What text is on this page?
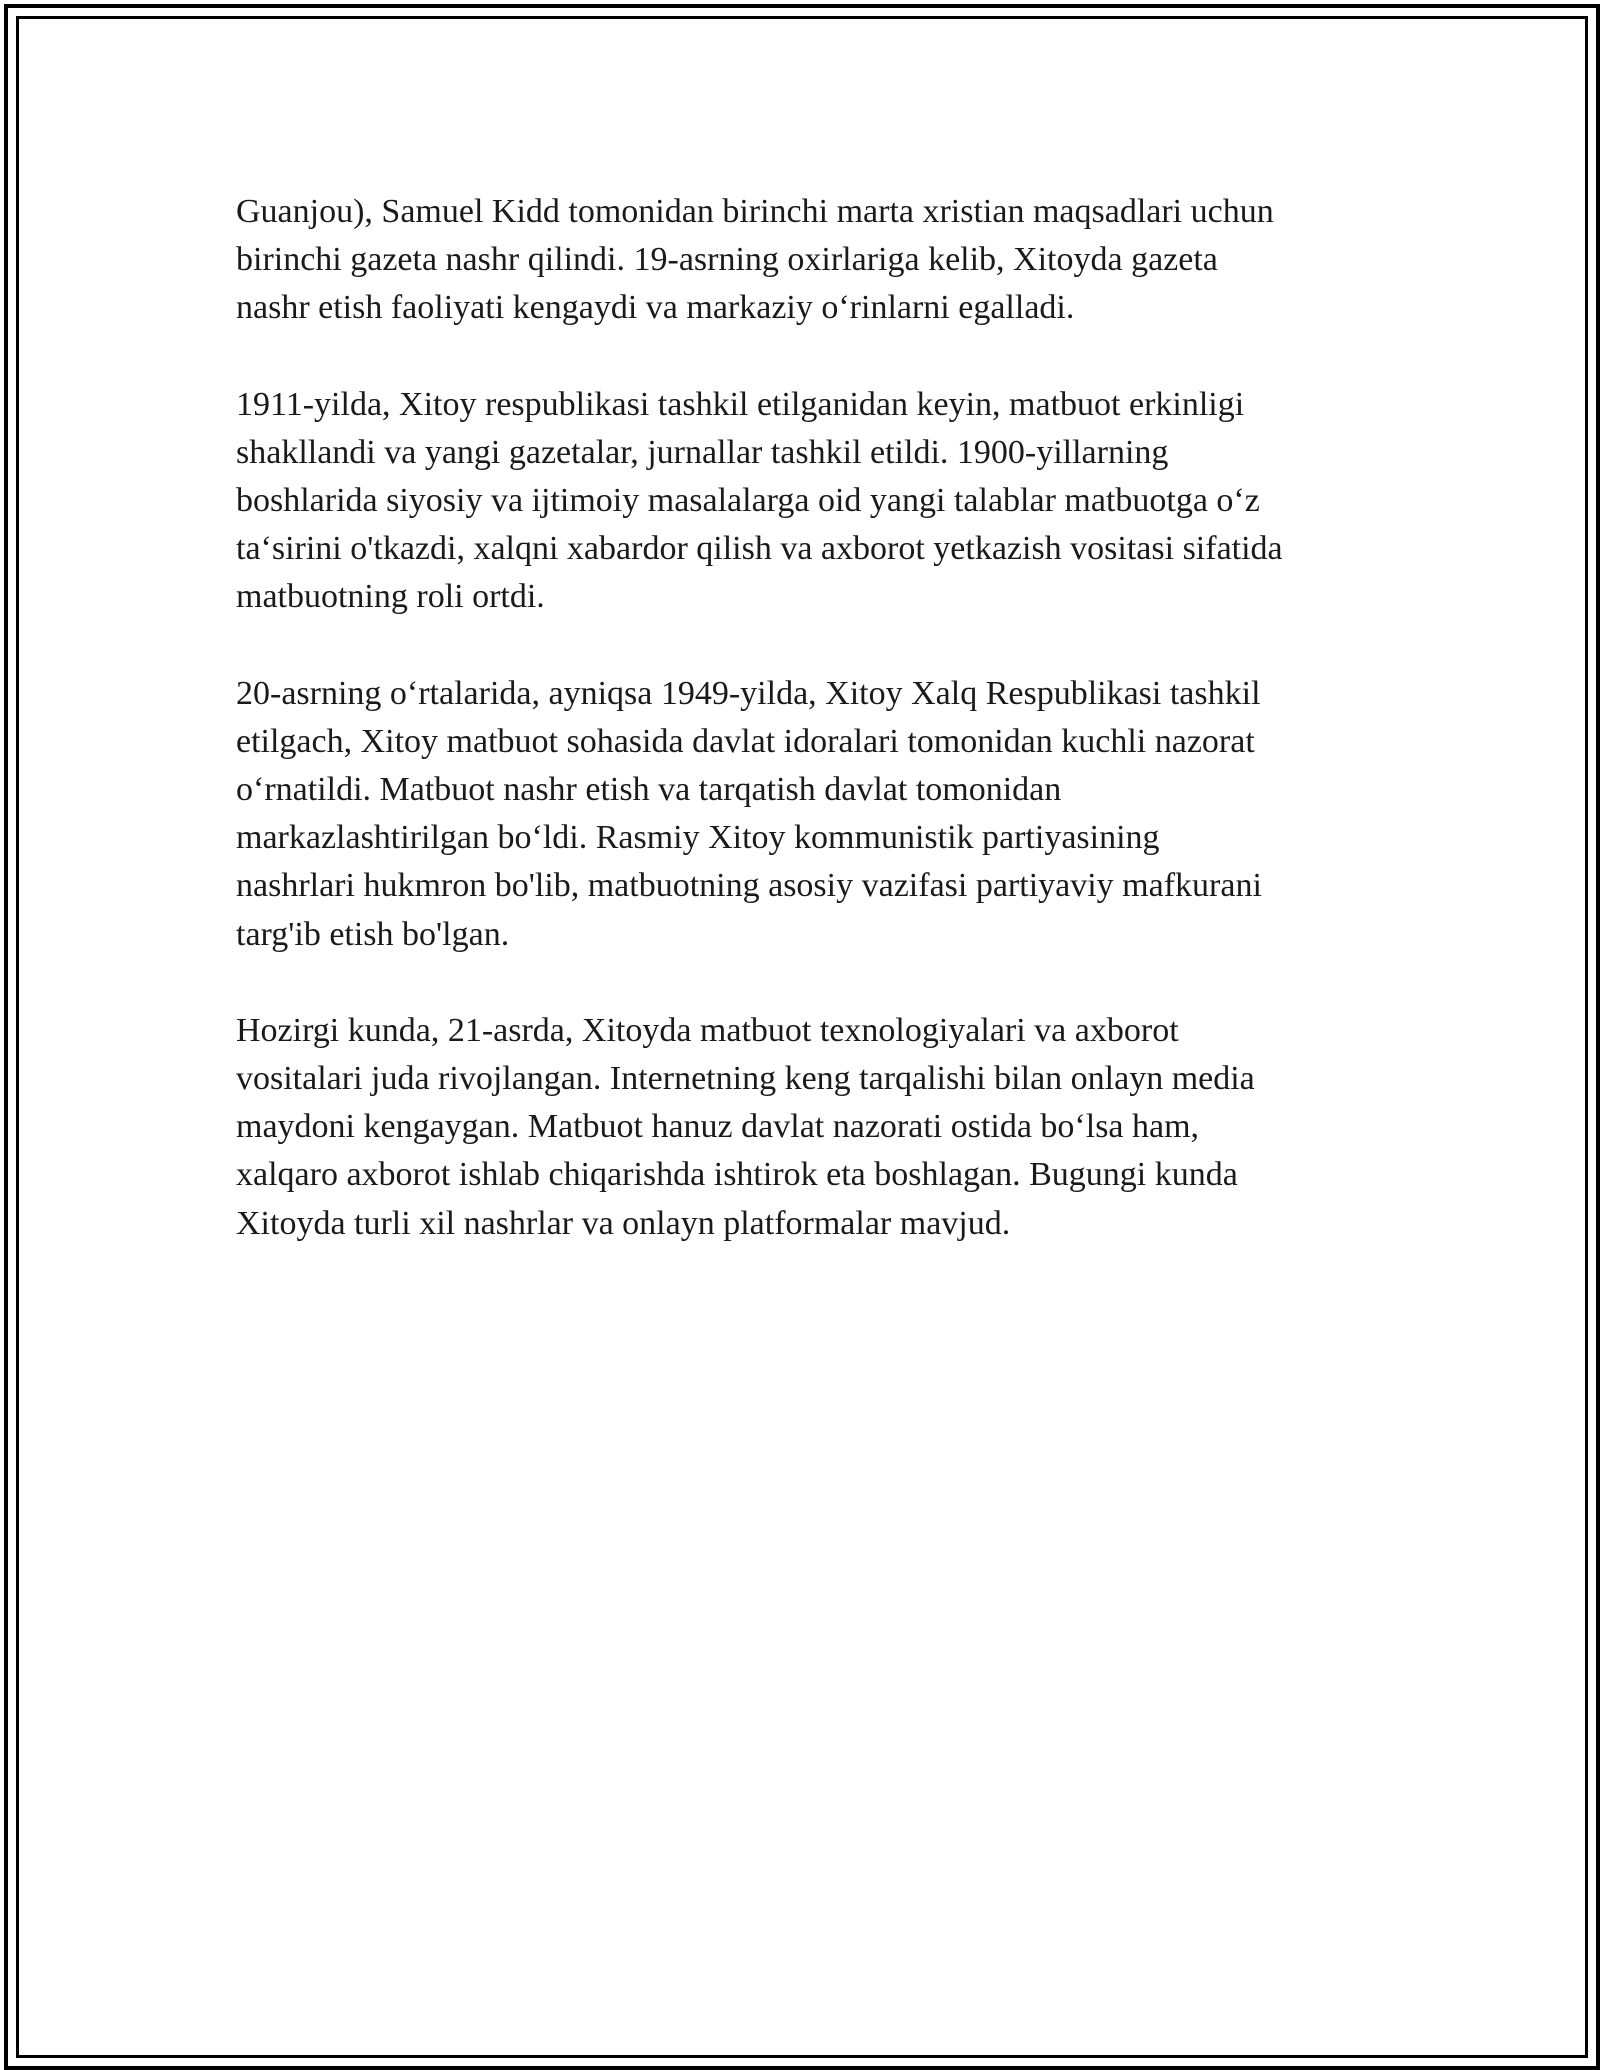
Guanjou), Samuel Kidd tomonidan birinchi marta xristian maqsadlari uchun
birinchi gazeta nashr qilindi. 19-asrning oxirlariga kelib, Xitoyda gazeta
nashr etish faoliyati kengaydi va markaziy oʻrinlarni egalladi.

1911-yilda, Xitoy respublikasi tashkil etilganidan keyin, matbuot erkinligi
shakllandi va yangi gazetalar, jurnallar tashkil etildi. 1900-yillarning
boshlarida siyosiy va ijtimoiy masalalarga oid yangi talablar matbuotga oʻz
taʻsirini o'tkazdi, xalqni xabardor qilish va axborot yetkazish vositasi sifatida
matbuotning roli ortdi.

20-asrning oʻrtalarida, ayniqsa 1949-yilda, Xitoy Xalq Respublikasi tashkil
etilgach, Xitoy matbuot sohasida davlat idoralari tomonidan kuchli nazorat
oʻrnatildi. Matbuot nashr etish va tarqatish davlat tomonidan
markazlashtirilgan boʻldi. Rasmiy Xitoy kommunistik partiyasining
nashrlari hukmron bo'lib, matbuotning asosiy vazifasi partiyaviy mafkurani
targ'ib etish bo'lgan.

Hozirgi kunda, 21-asrda, Xitoyda matbuot texnologiyalari va axborot
vositalari juda rivojlangan. Internetning keng tarqalishi bilan onlayn media
maydoni kengaygan. Matbuot hanuz davlat nazorati ostida boʻlsa ham,
xalqaro axborot ishlab chiqarishda ishtirok eta boshlagan. Bugungi kunda
Xitoyda turli xil nashrlar va onlayn platformalar mavjud.
